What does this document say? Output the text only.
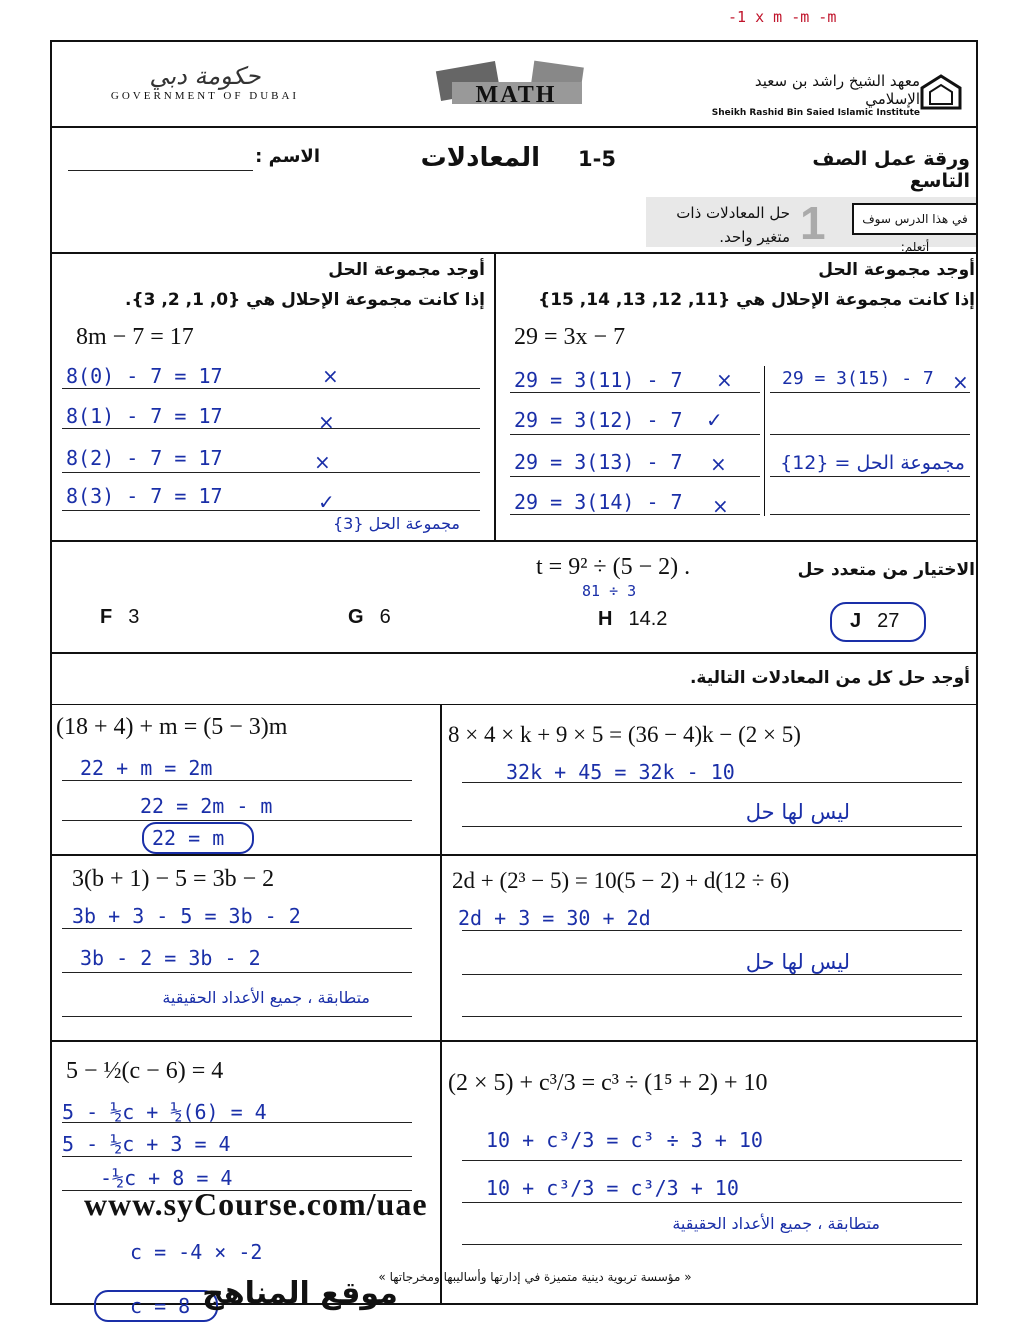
-1 x m -m -m
حكومة دبي
GOVERNMENT OF DUBAI	MATH
معهد الشيخ راشد بن سعيد الإسلامي
Sheikh Rashid Bin Saied Islamic Institute
ورقة عمل الصف التاسع
1-5
المعادلات
الاسم :
في هذا الدرس سوف أتعلم:
1
حل المعادلات ذات
متغير واحد.
أوجد مجموعة الحل
إذا كانت مجموعة الإحلال هي {11, 12, 13, 14, 15}
29 = 3x − 7
29 = 3(11) - 7 ×
29 = 3(12) - 7 ✓
29 = 3(13) - 7 ×
29 = 3(14) - 7 ×
29 = 3(15) - 7 ×
مجموعة الحل = {12}
أوجد مجموعة الحل
إذا كانت مجموعة الإحلال هي {0, 1, 2, 3}.
8m − 7 = 17
8(0) - 7 = 17	×
8(1) - 7 = 17	×
8(2) - 7 = 17	×
8(3) - 7 = 17	✓
مجموعة الحل {3}
الاختيار من متعدد حل
t = 9² ÷ (5 − 2) .
81 ÷ 3
F 3	G 6	H 14.2	J 27
أوجد حل كل من المعادلات التالية.
(18 + 4) + m = (5 − 3)m
22 + m = 2m
22 = 2m - m
22 = m
8 × 4 × k + 9 × 5 = (36 − 4)k − (2 × 5)
32k + 45 = 32k - 10
ليس لها حل
3(b + 1) − 5 = 3b − 2
3b + 3 - 5 = 3b - 2
3b - 2 = 3b - 2
متطابقة ، جميع الأعداد الحقيقية
2d + (2³ − 5) = 10(5 − 2) + d(12 ÷ 6)
2d + 3 = 30 + 2d
ليس لها حل
5 − ½(c − 6) = 4
5 - ½c + ½(6) = 4
5 - ½c + 3 = 4
-½c + 8 = 4
c = -4 × -2
c = 8
(2 × 5) + c³/3 = c³ ÷ (1⁵ + 2) + 10
10 + c³/3 = c³ ÷ 3 + 10
10 + c³/3 = c³/3 + 10
متطابقة ، جميع الأعداد الحقيقية
« مؤسسة تربوية دينية متميزة في إدارتها وأساليبها ومخرجاتها »
www.syCourse.com/uae
موقع المناهج
